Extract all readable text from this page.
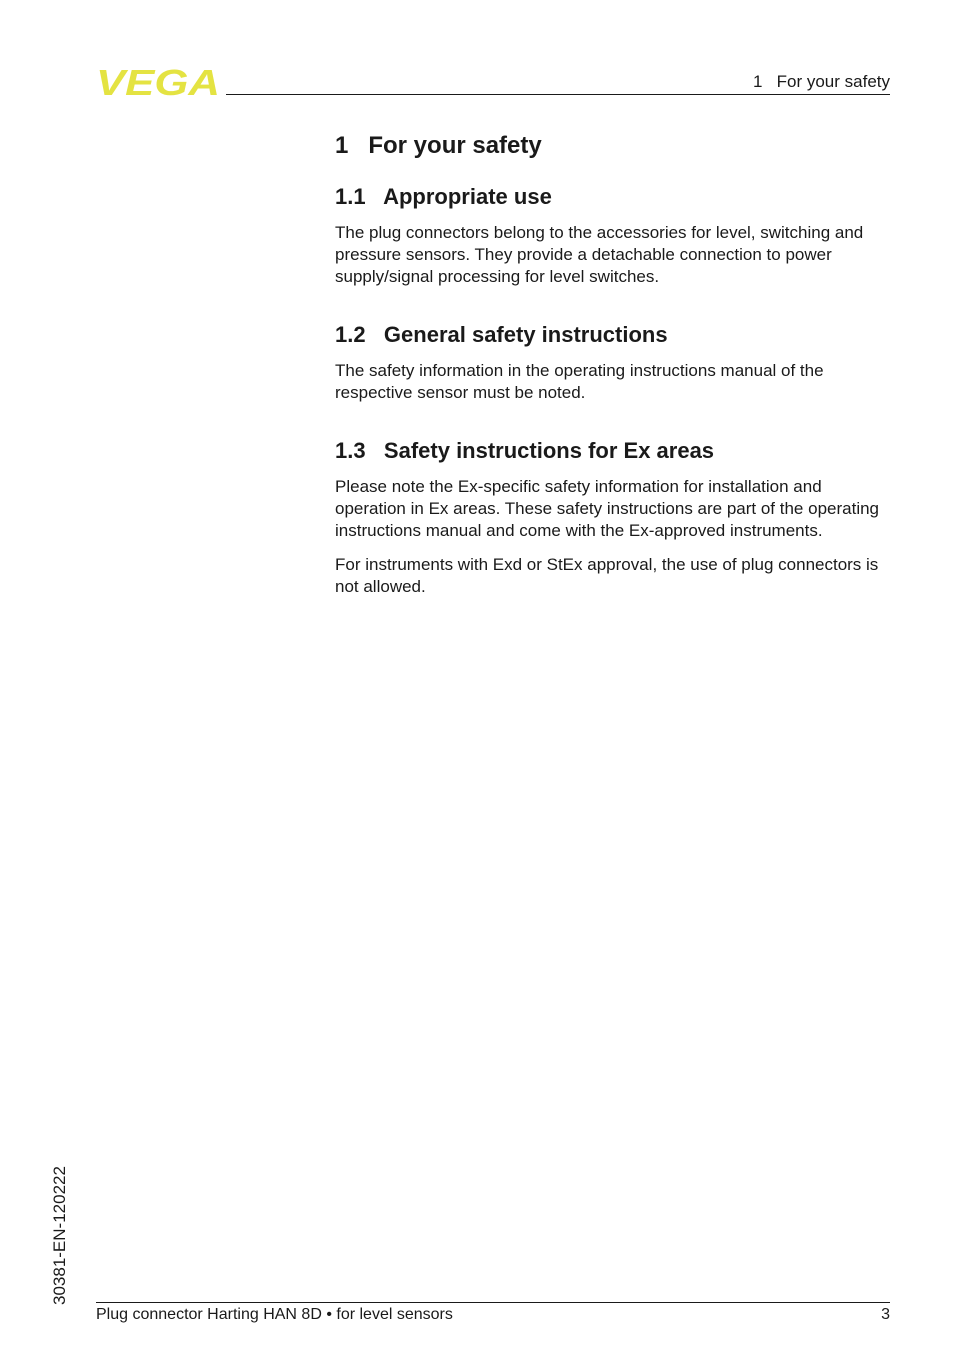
VEGA	1   For your safety
1   For your safety
1.1   Appropriate use

The plug connectors belong to the accessories for level, switching and pressure sensors. They provide a detachable connection to power supply/signal processing for level switches.

1.2   General safety instructions

The safety information in the operating instructions manual of the respective sensor must be noted.

1.3   Safety instructions for Ex areas

Please note the Ex-specific safety information for installation and operation in Ex areas. These safety instructions are part of the operating instructions manual and come with the Ex-approved instruments.

For instruments with Exd or StEx approval, the use of plug connectors is not allowed.

30381-EN-120222
Plug connector Harting HAN 8D • for level sensors	3
